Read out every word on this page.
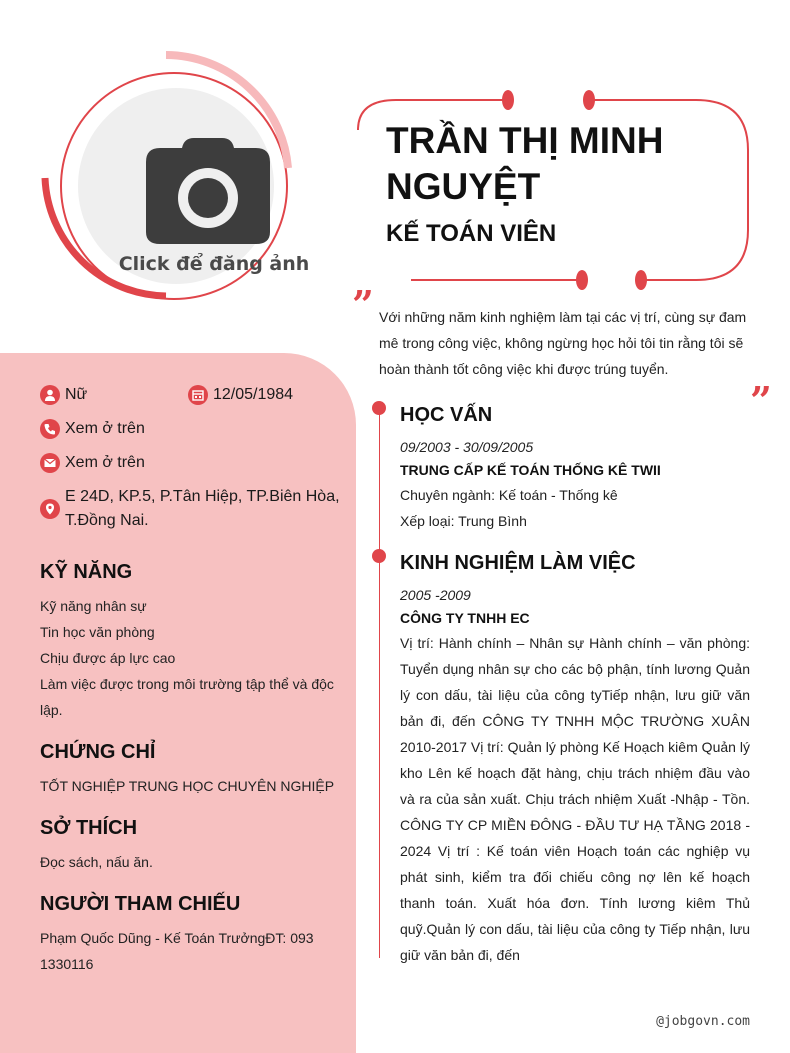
Click để đăng ảnh
TRẦN THỊ MINH NGUYỆT
KẾ TOÁN VIÊN
” Với những năm kinh nghiệm làm tại các vị trí, cùng sự đam mê trong công việc, không ngừng học hỏi tôi tin rằng tôi sẽ hoàn thành tốt công việc khi được trúng tuyển.
”
Nữ	12/05/1984
Xem ở trên
Xem ở trên
E 24D, KP.5, P.Tân Hiệp, TP.Biên Hòa,
T.Đồng Nai.
KỸ NĂNG
Kỹ năng nhân sự
Tin học văn phòng
Chịu được áp lực cao
Làm việc được trong môi trường tập thể và độc
lập.
CHỨNG CHỈ
TỐT NGHIỆP TRUNG HỌC CHUYÊN NGHIỆP
SỞ THÍCH
Đọc sách, nấu ăn.
NGƯỜI THAM CHIẾU
Phạm Quốc Dũng - Kế Toán TrưởngĐT: 093
1330116
HỌC VẤN
09/2003 - 30/09/2005
TRUNG CẤP KẾ TOÁN THỐNG KÊ TWII
Chuyên ngành: Kế toán - Thống kê
Xếp loại: Trung Bình
KINH NGHIỆM LÀM VIỆC
2005 -2009
CÔNG TY TNHH EC
Vị trí: Hành chính – Nhân sự Hành chính – văn phòng: Tuyển dụng nhân sự cho các bộ phận, tính lương Quản lý con dấu, tài liệu của công tyTiếp nhận, lưu giữ văn bản đi, đến CÔNG TY TNHH MỘC TRƯỜNG XUÂN 2010-2017 Vị trí: Quản lý phòng Kế Hoạch kiêm Quản lý kho Lên kế hoạch đặt hàng, chịu trách nhiệm đầu vào và ra của sản xuất. Chịu trách nhiệm Xuất -Nhập - Tồn. CÔNG TY CP MIỀN ĐÔNG - ĐẦU TƯ HẠ TẦNG 2018 - 2024 Vị trí : Kế toán viên Hoạch toán các nghiệp vụ phát sinh, kiểm tra đối chiếu công nợ lên kế hoạch thanh toán. Xuất hóa đơn. Tính lương kiêm Thủ quỹ.Quản lý con dấu, tài liệu của công ty Tiếp nhận, lưu giữ văn bản đi, đến
@jobgovn.com
